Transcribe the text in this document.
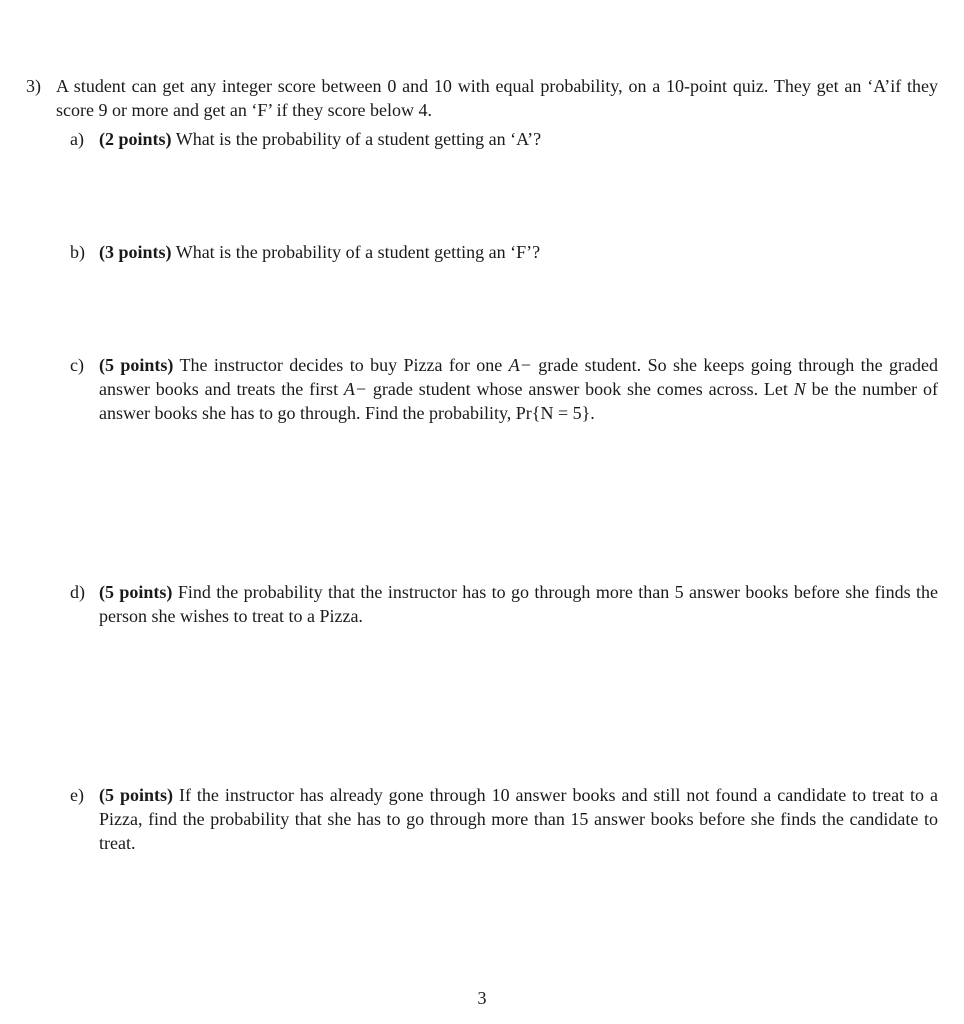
3) A student can get any integer score between 0 and 10 with equal probability, on a 10-point quiz. They get an ‘A’if they score 9 or more and get an ‘F’ if they score below 4.
a) (2 points) What is the probability of a student getting an ‘A’?
b) (3 points) What is the probability of a student getting an ‘F’?
c) (5 points) The instructor decides to buy Pizza for one A− grade student. So she keeps going through the graded answer books and treats the first A− grade student whose answer book she comes across. Let N be the number of answer books she has to go through. Find the probability, Pr{N = 5}.
d) (5 points) Find the probability that the instructor has to go through more than 5 answer books before she finds the person she wishes to treat to a Pizza.
e) (5 points) If the instructor has already gone through 10 answer books and still not found a candidate to treat to a Pizza, find the probability that she has to go through more than 15 answer books before she finds the candidate to treat.
3
